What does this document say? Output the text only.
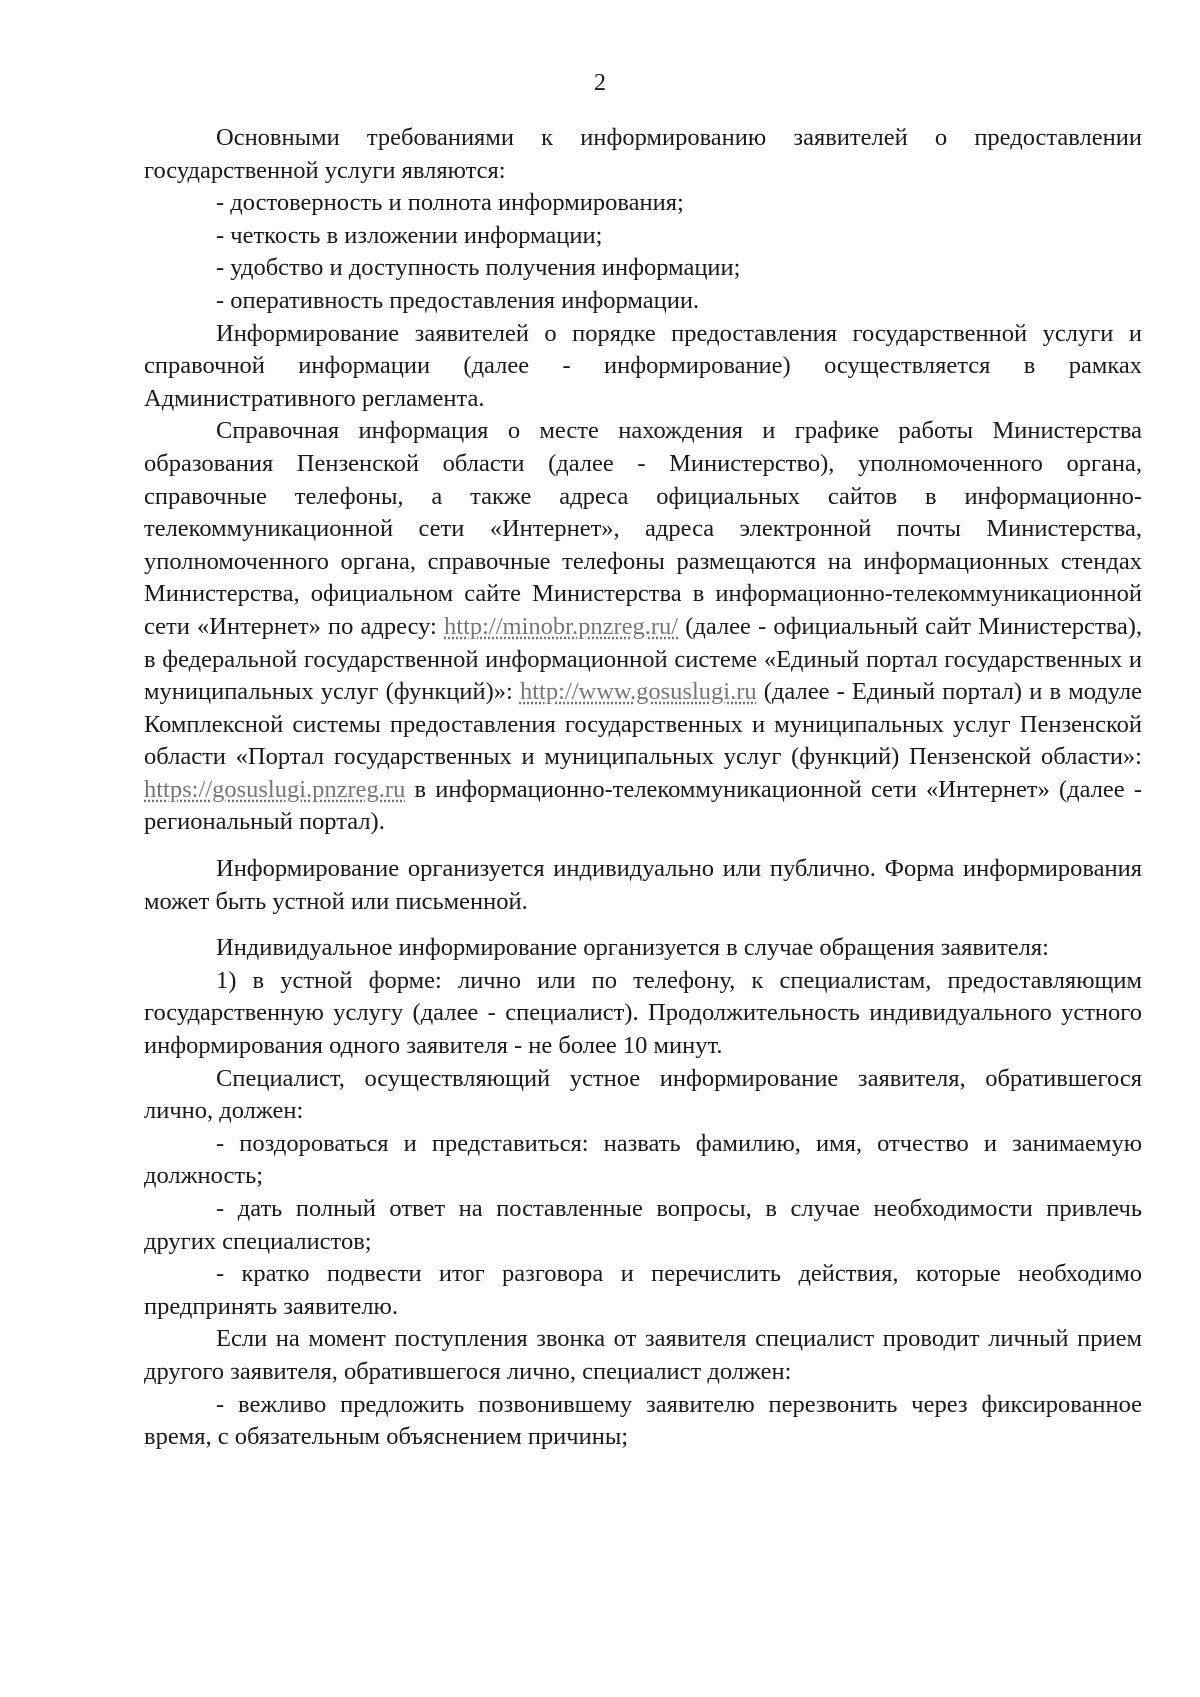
2

Основными требованиями к информированию заявителей о предоставлении государственной услуги являются:

- достоверность и полнота информирования;

- четкость в изложении информации;

- удобство и доступность получения информации;

- оперативность предоставления информации.

Информирование заявителей о порядке предоставления государственной услуги и справочной информации (далее - информирование) осуществляется в рамках Административного регламента.

Справочная информация о месте нахождения и графике работы Министерства образования Пензенской области (далее - Министерство), уполномоченного органа, справочные телефоны, а также адреса официальных сайтов в информационно-телекоммуникационной сети «Интернет», адреса электронной почты Министерства, уполномоченного органа, справочные телефоны размещаются на информационных стендах Министерства, официальном сайте Министерства в информационно-телекоммуникационной сети «Интернет» по адресу: http://minobr.pnzreg.ru/ (далее - официальный сайт Министерства), в федеральной государственной информационной системе «Единый портал государственных и муниципальных услуг (функций)»: http://www.gosuslugi.ru (далее - Единый портал) и в модуле Комплексной системы предоставления государственных и муниципальных услуг Пензенской области «Портал государственных и муниципальных услуг (функций) Пензенской области»: https://gosuslugi.pnzreg.ru в информационно-телекоммуникационной сети «Интернет» (далее - региональный портал).

Информирование организуется индивидуально или публично. Форма информирования может быть устной или письменной.

Индивидуальное информирование организуется в случае обращения заявителя:

1) в устной форме: лично или по телефону, к специалистам, предоставляющим государственную услугу (далее - специалист). Продолжительность индивидуального устного информирования одного заявителя - не более 10 минут.

Специалист, осуществляющий устное информирование заявителя, обратившегося лично, должен:

- поздороваться и представиться: назвать фамилию, имя, отчество и занимаемую должность;

- дать полный ответ на поставленные вопросы, в случае необходимости привлечь других специалистов;

- кратко подвести итог разговора и перечислить действия, которые необходимо предпринять заявителю.

Если на момент поступления звонка от заявителя специалист проводит личный прием другого заявителя, обратившегося лично, специалист должен:

- вежливо предложить позвонившему заявителю перезвонить через фиксированное время, с обязательным объяснением причины;
